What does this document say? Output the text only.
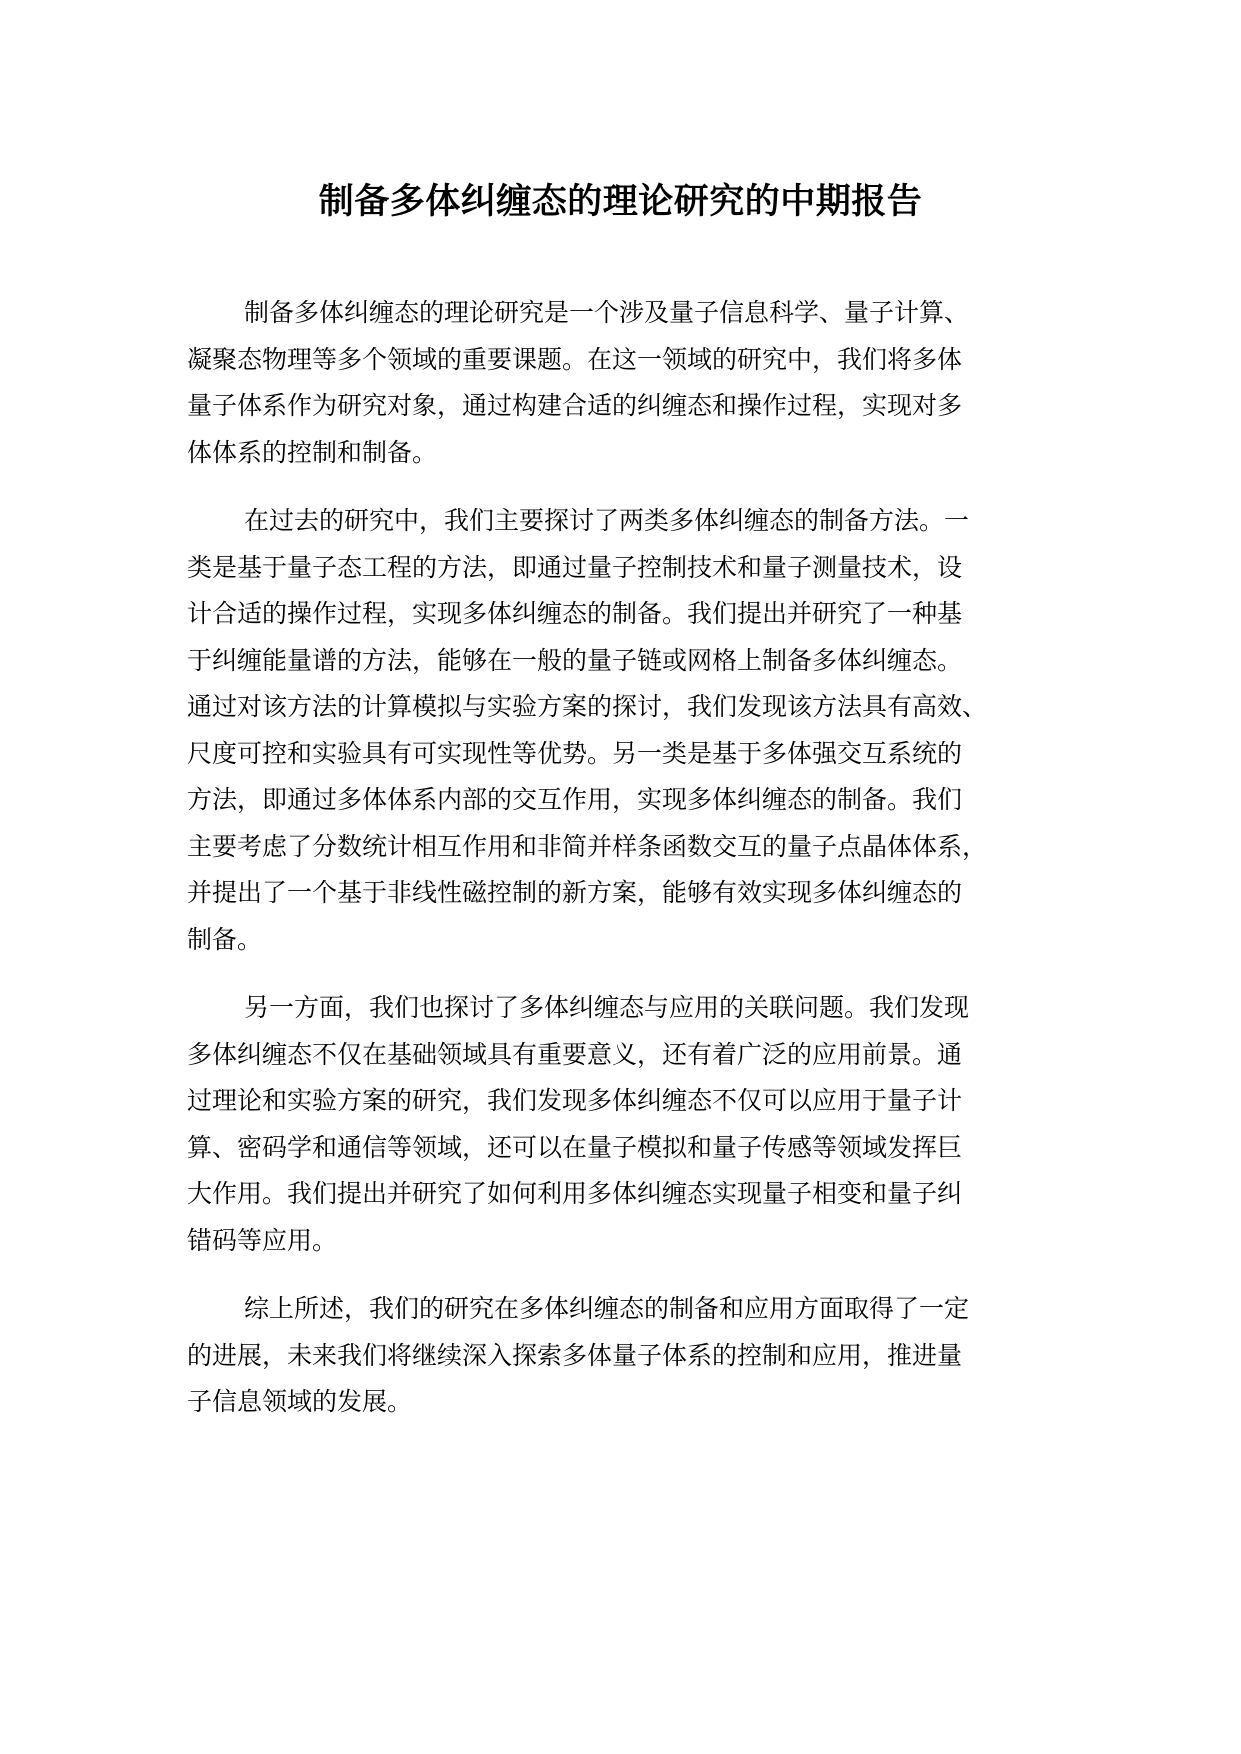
制备多体纠缠态的理论研究的中期报告

制备多体纠缠态的理论研究是一个涉及量子信息科学、量子计算、
凝聚态物理等多个领域的重要课题。在这一领域的研究中，我们将多体
量子体系作为研究对象，通过构建合适的纠缠态和操作过程，实现对多
体体系的控制和制备。

在过去的研究中，我们主要探讨了两类多体纠缠态的制备方法。一
类是基于量子态工程的方法，即通过量子控制技术和量子测量技术，设
计合适的操作过程，实现多体纠缠态的制备。我们提出并研究了一种基
于纠缠能量谱的方法，能够在一般的量子链或网格上制备多体纠缠态。
通过对该方法的计算模拟与实验方案的探讨，我们发现该方法具有高效、
尺度可控和实验具有可实现性等优势。另一类是基于多体强交互系统的
方法，即通过多体体系内部的交互作用，实现多体纠缠态的制备。我们
主要考虑了分数统计相互作用和非简并样条函数交互的量子点晶体体系，
并提出了一个基于非线性磁控制的新方案，能够有效实现多体纠缠态的
制备。

另一方面，我们也探讨了多体纠缠态与应用的关联问题。我们发现
多体纠缠态不仅在基础领域具有重要意义，还有着广泛的应用前景。通
过理论和实验方案的研究，我们发现多体纠缠态不仅可以应用于量子计
算、密码学和通信等领域，还可以在量子模拟和量子传感等领域发挥巨
大作用。我们提出并研究了如何利用多体纠缠态实现量子相变和量子纠
错码等应用。

综上所述，我们的研究在多体纠缠态的制备和应用方面取得了一定
的进展，未来我们将继续深入探索多体量子体系的控制和应用，推进量
子信息领域的发展。
